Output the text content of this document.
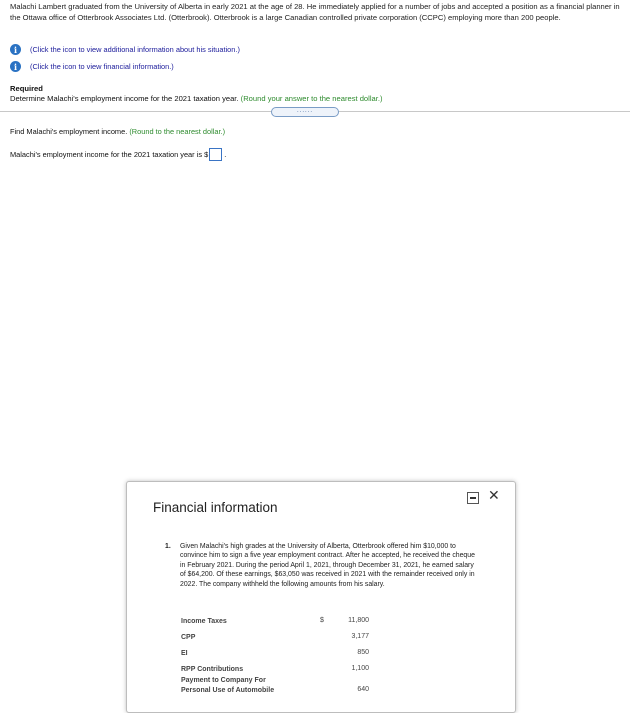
Malachi Lambert graduated from the University of Alberta in early 2021 at the age of 28. He immediately applied for a number of jobs and accepted a position as a financial planner in the Ottawa office of Otterbrook Associates Ltd. (Otterbrook). Otterbrook is a large Canadian controlled private corporation (CCPC) employing more than 200 people.
i	(Click the icon to view additional information about his situation.)
i	(Click the icon to view financial information.)
Required
Determine Malachi's employment income for the 2021 taxation year. (Round your answer to the nearest dollar.)
......
Find Malachi's employment income. (Round to the nearest dollar.)
Malachi's employment income for the 2021 taxation year is $ .
Financial information
✕
1. Given Malachi's high grades at the University of Alberta, Otterbrook offered him $10,000 to convince him to sign a five year employment contract. After he accepted, he received the cheque in February 2021. During the period April 1, 2021, through December 31, 2021, he earned salary of $64,200. Of these earnings, $63,050 was received in 2021 with the remainder received only in 2022. The company withheld the following amounts from his salary.
Income Taxes	$	11,800
CPP	3,177
EI	850
RPP Contributions	1,100
Payment to Company For
Personal Use of Automobile	640
